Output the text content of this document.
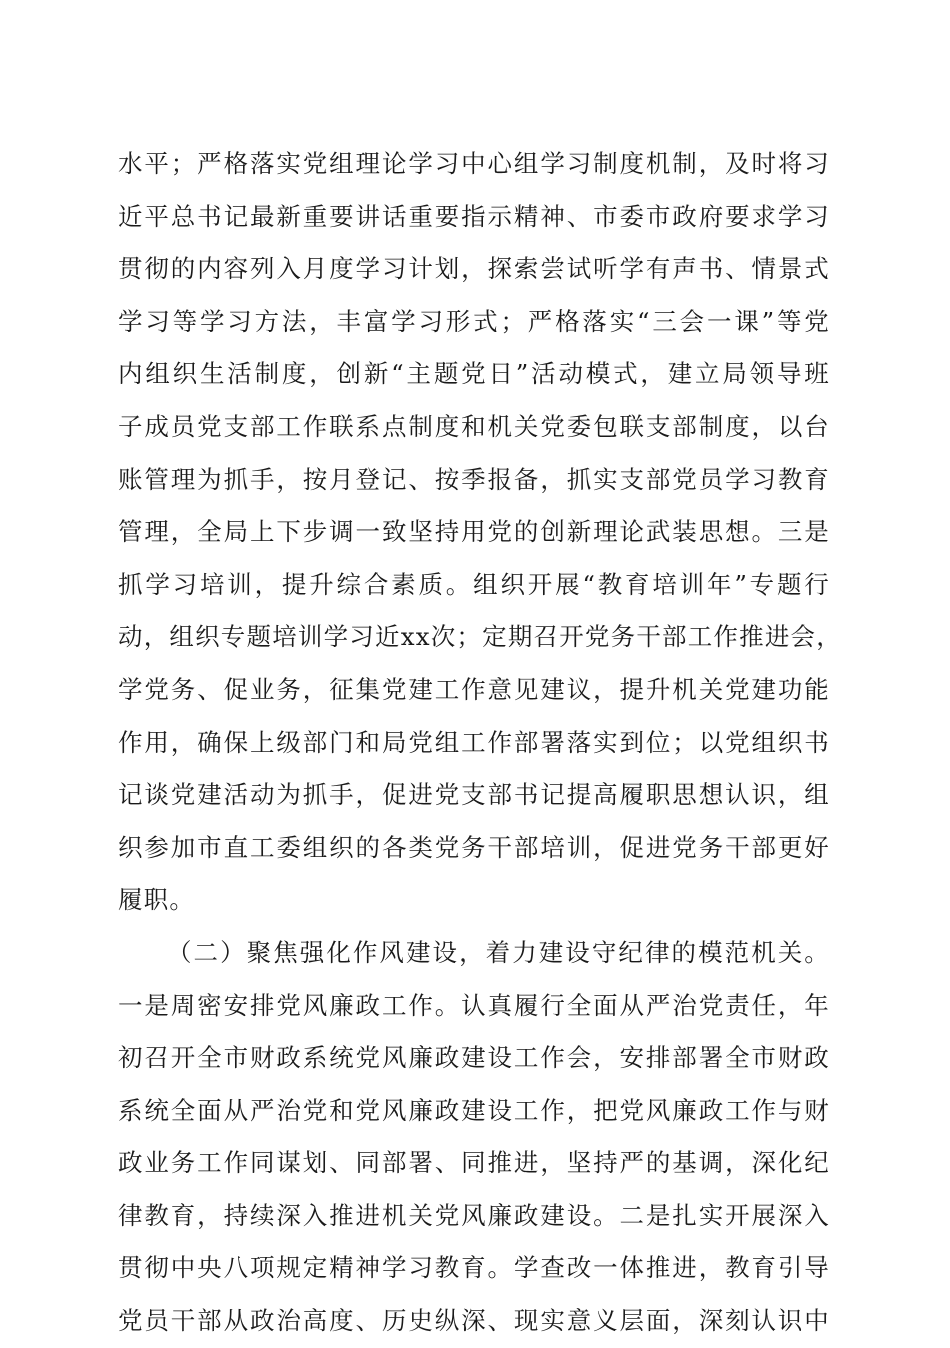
水平；严格落实党组理论学习中心组学习制度机制，及时将习
近平总书记最新重要讲话重要指示精神、市委市政府要求学习
贯彻的内容列入月度学习计划，探索尝试听学有声书、情景式
学习等学习方法，丰富学习形式；严格落实“三会一课”等党
内组织生活制度，创新“主题党日”活动模式，建立局领导班
子成员党支部工作联系点制度和机关党委包联支部制度，以台
账管理为抓手，按月登记、按季报备，抓实支部党员学习教育
管理，全局上下步调一致坚持用党的创新理论武装思想。三是
抓学习培训，提升综合素质。组织开展“教育培训年”专题行
动，组织专题培训学习近xx次；定期召开党务干部工作推进会，
学党务、促业务，征集党建工作意见建议，提升机关党建功能
作用，确保上级部门和局党组工作部署落实到位；以党组织书
记谈党建活动为抓手，促进党支部书记提高履职思想认识，组
织参加市直工委组织的各类党务干部培训，促进党务干部更好
履职。
（二）聚焦强化作风建设，着力建设守纪律的模范机关。
一是周密安排党风廉政工作。认真履行全面从严治党责任，年
初召开全市财政系统党风廉政建设工作会，安排部署全市财政
系统全面从严治党和党风廉政建设工作，把党风廉政工作与财
政业务工作同谋划、同部署、同推进，坚持严的基调，深化纪
律教育，持续深入推进机关党风廉政建设。二是扎实开展深入
贯彻中央八项规定精神学习教育。学查改一体推进，教育引导
党员干部从政治高度、历史纵深、现实意义层面，深刻认识中
